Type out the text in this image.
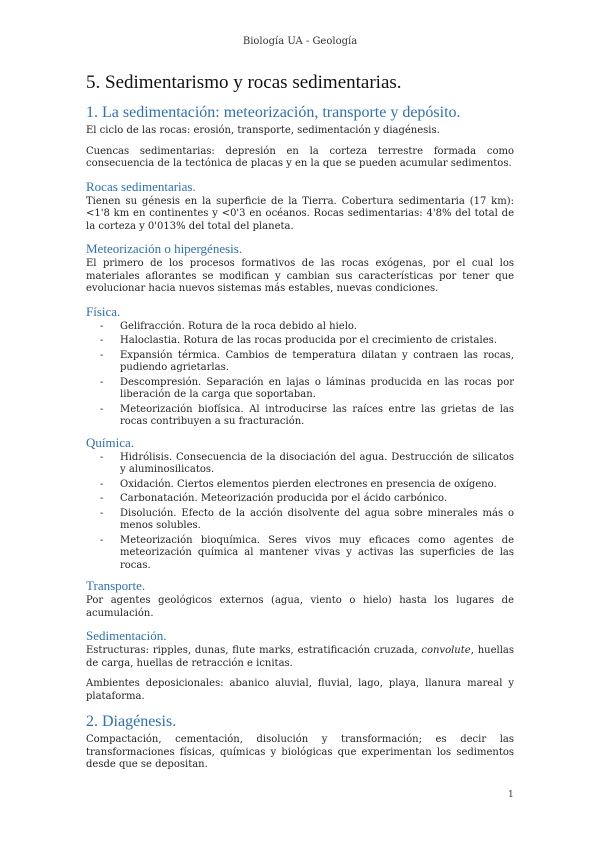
Biología UA - Geología
5. Sedimentarismo y rocas sedimentarias.
1. La sedimentación: meteorización, transporte y depósito.

El ciclo de las rocas: erosión, transporte, sedimentación y diagénesis.

Cuencas sedimentarias: depresión en la corteza terrestre formada como consecuencia de la tectónica de placas y en la que se pueden acumular sedimentos.

Rocas sedimentarias.

Tienen su génesis en la superficie de la Tierra. Cobertura sedimentaria (17 km): <1'8 km en continentes y <0'3 en océanos. Rocas sedimentarias: 4'8% del total de la corteza y 0'013% del total del planeta.

Meteorización o hipergénesis.

El primero de los procesos formativos de las rocas exógenas, por el cual los materiales aflorantes se modifican y cambian sus características por tener que evolucionar hacia nuevos sistemas más estables, nuevas condiciones.

Física.
- Gelifracción. Rotura de la roca debido al hielo.
- Haloclastia. Rotura de las rocas producida por el crecimiento de cristales.
- Expansión térmica. Cambios de temperatura dilatan y contraen las rocas, pudiendo agrietarlas.
- Descompresión. Separación en lajas o láminas producida en las rocas por liberación de la carga que soportaban.
- Meteorización biofísica. Al introducirse las raíces entre las grietas de las rocas contribuyen a su fracturación.
Química.
- Hidrólisis. Consecuencia de la disociación del agua. Destrucción de silicatos y aluminosilicatos.
- Oxidación. Ciertos elementos pierden electrones en presencia de oxígeno.
- Carbonatación. Meteorización producida por el ácido carbónico.
- Disolución. Efecto de la acción disolvente del agua sobre minerales más o menos solubles.
- Meteorización bioquímica. Seres vivos muy eficaces como agentes de meteorización química al mantener vivas y activas las superficies de las rocas.
Transporte.

Por agentes geológicos externos (agua, viento o hielo) hasta los lugares de acumulación.

Sedimentación.

Estructuras: ripples, dunas, flute marks, estratificación cruzada, convolute, huellas de carga, huellas de retracción e icnitas.

Ambientes deposicionales: abanico aluvial, fluvial, lago, playa, llanura mareal y plataforma.

2. Diagénesis.

Compactación, cementación, disolución y transformación; es decir las transformaciones físicas, químicas y biológicas que experimentan los sedimentos desde que se depositan.

1
